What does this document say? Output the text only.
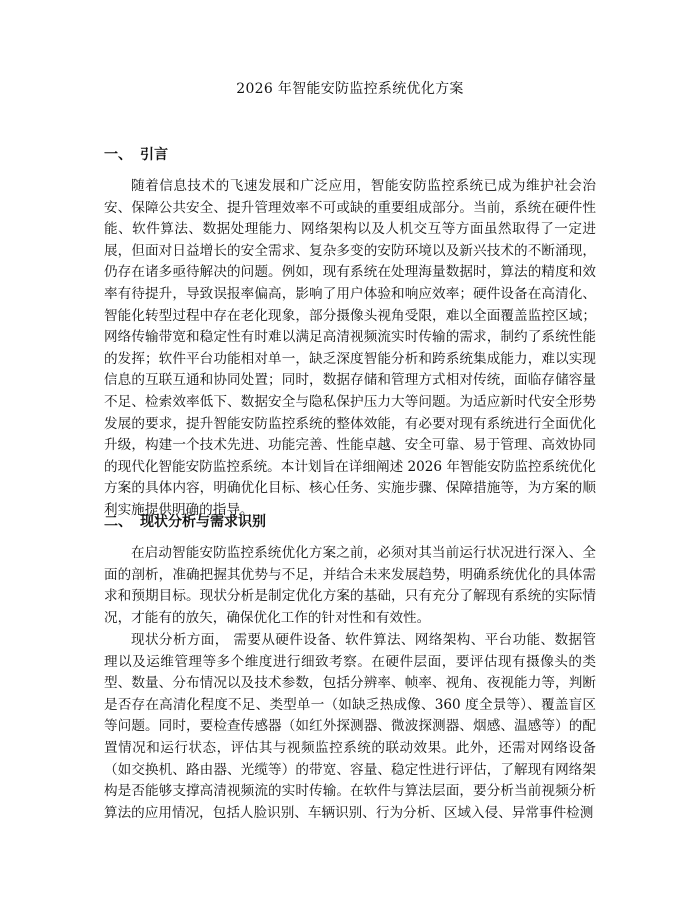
2026 年智能安防监控系统优化方案
一、 引言

随着信息技术的飞速发展和广泛应用，智能安防监控系统已成为维护社会治安、保障公共安全、提升管理效率不可或缺的重要组成部分。当前，系统在硬件性能、软件算法、数据处理能力、网络架构以及人机交互等方面虽然取得了一定进展，但面对日益增长的安全需求、复杂多变的安防环境以及新兴技术的不断涌现，仍存在诸多亟待解决的问题。例如，现有系统在处理海量数据时，算法的精度和效率有待提升，导致误报率偏高，影响了用户体验和响应效率；硬件设备在高清化、智能化转型过程中存在老化现象，部分摄像头视角受限，难以全面覆盖监控区域；网络传输带宽和稳定性有时难以满足高清视频流实时传输的需求，制约了系统性能的发挥；软件平台功能相对单一，缺乏深度智能分析和跨系统集成能力，难以实现信息的互联互通和协同处置；同时，数据存储和管理方式相对传统，面临存储容量不足、检索效率低下、数据安全与隐私保护压力大等问题。为适应新时代安全形势发展的要求，提升智能安防监控系统的整体效能，有必要对现有系统进行全面优化升级，构建一个技术先进、功能完善、性能卓越、安全可靠、易于管理、高效协同的现代化智能安防监控系统。本计划旨在详细阐述 2026 年智能安防监控系统优化方案的具体内容，明确优化目标、核心任务、实施步骤、保障措施等，为方案的顺利实施提供明确的指导。

二、 现状分析与需求识别

在启动智能安防监控系统优化方案之前，必须对其当前运行状况进行深入、全面的剖析，准确把握其优势与不足，并结合未来发展趋势，明确系统优化的具体需求和预期目标。现状分析是制定优化方案的基础，只有充分了解现有系统的实际情况，才能有的放矢，确保优化工作的针对性和有效性。

现状分析方面， 需要从硬件设备、软件算法、网络架构、平台功能、数据管理以及运维管理等多个维度进行细致考察。在硬件层面，要评估现有摄像头的类型、数量、分布情况以及技术参数，包括分辨率、帧率、视角、夜视能力等，判断是否存在高清化程度不足、类型单一（如缺乏热成像、360 度全景等）、覆盖盲区等问题。同时，要检查传感器（如红外探测器、微波探测器、烟感、温感等）的配置情况和运行状态，评估其与视频监控系统的联动效果。此外，还需对网络设备（如交换机、路由器、光缆等）的带宽、容量、稳定性进行评估，了解现有网络架构是否能够支撑高清视频流的实时传输。在软件与算法层面，要分析当前视频分析算法的应用情况，包括人脸识别、车辆识别、行为分析、区域入侵、异常事件检测
